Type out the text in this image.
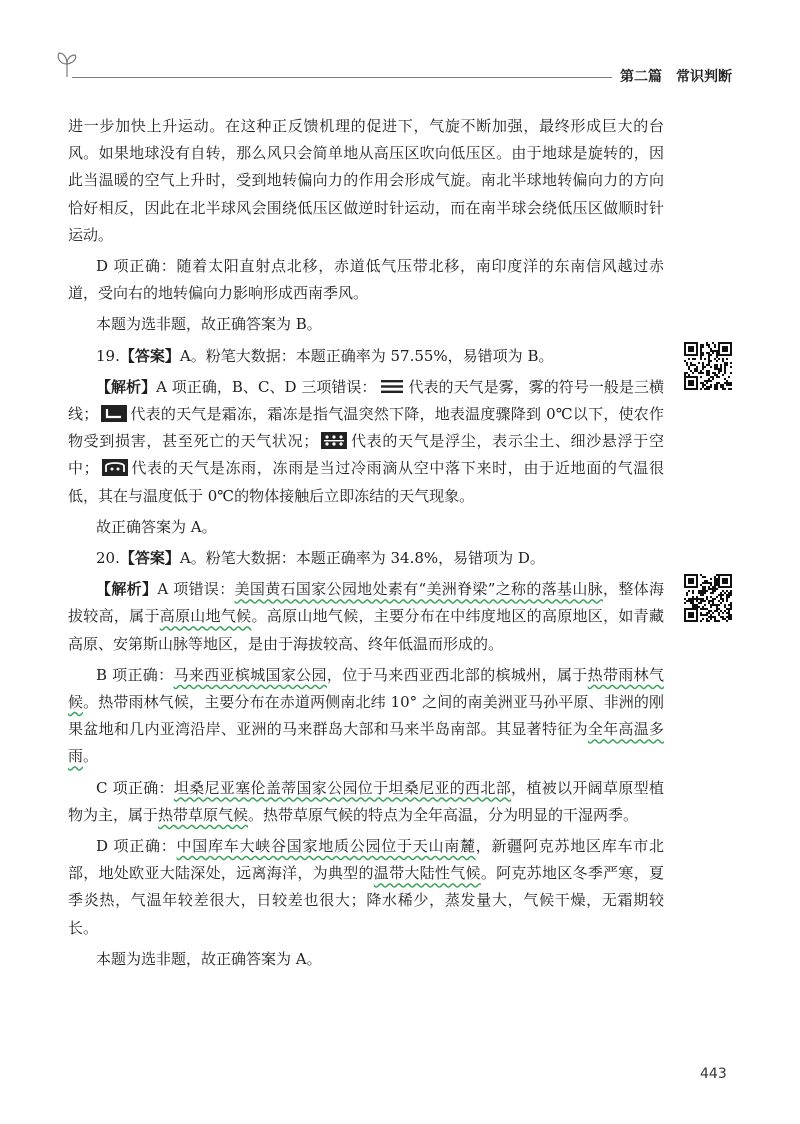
第二篇　常识判断

进一步加快上升运动。在这种正反馈机理的促进下，气旋不断加强，最终形成巨大的台风。如果地球没有自转，那么风只会简单地从高压区吹向低压区。由于地球是旋转的，因此当温暖的空气上升时，受到地转偏向力的作用会形成气旋。南北半球地转偏向力的方向恰好相反，因此在北半球风会围绕低压区做逆时针运动，而在南半球会绕低压区做顺时针运动。

D 项正确：随着太阳直射点北移，赤道低气压带北移，南印度洋的东南信风越过赤道，受向右的地转偏向力影响形成西南季风。

本题为选非题，故正确答案为 B。

19.【答案】A。粉笔大数据：本题正确率为 57.55%，易错项为 B。

【解析】A 项正确，B、C、D 三项错误： 代表的天气是雾，雾的符号一般是三横线； 代表的天气是霜冻，霜冻是指气温突然下降，地表温度骤降到 0℃以下，使农作物受到损害，甚至死亡的天气状况； 代表的天气是浮尘，表示尘土、细沙悬浮于空中； 代表的天气是冻雨，冻雨是当过冷雨滴从空中落下来时，由于近地面的气温很低，其在与温度低于 0℃的物体接触后立即冻结的天气现象。

故正确答案为 A。

20.【答案】A。粉笔大数据：本题正确率为 34.8%，易错项为 D。

【解析】A 项错误：美国黄石国家公园地处素有“美洲脊梁”之称的落基山脉，整体海拔较高，属于高原山地气候。高原山地气候，主要分布在中纬度地区的高原地区，如青藏高原、安第斯山脉等地区，是由于海拔较高、终年低温而形成的。

B 项正确：马来西亚槟城国家公园，位于马来西亚西北部的槟城州，属于热带雨林气候。热带雨林气候，主要分布在赤道两侧南北纬 10° 之间的南美洲亚马孙平原、非洲的刚果盆地和几内亚湾沿岸、亚洲的马来群岛大部和马来半岛南部。其显著特征为全年高温多雨。

C 项正确：坦桑尼亚塞伦盖蒂国家公园位于坦桑尼亚的西北部，植被以开阔草原型植物为主，属于热带草原气候。热带草原气候的特点为全年高温，分为明显的干湿两季。

D 项正确：中国库车大峡谷国家地质公园位于天山南麓，新疆阿克苏地区库车市北部，地处欧亚大陆深处，远离海洋，为典型的温带大陆性气候。阿克苏地区冬季严寒，夏季炎热，气温年较差很大，日较差也很大；降水稀少，蒸发量大，气候干燥，无霜期较长。

本题为选非题，故正确答案为 A。

443
